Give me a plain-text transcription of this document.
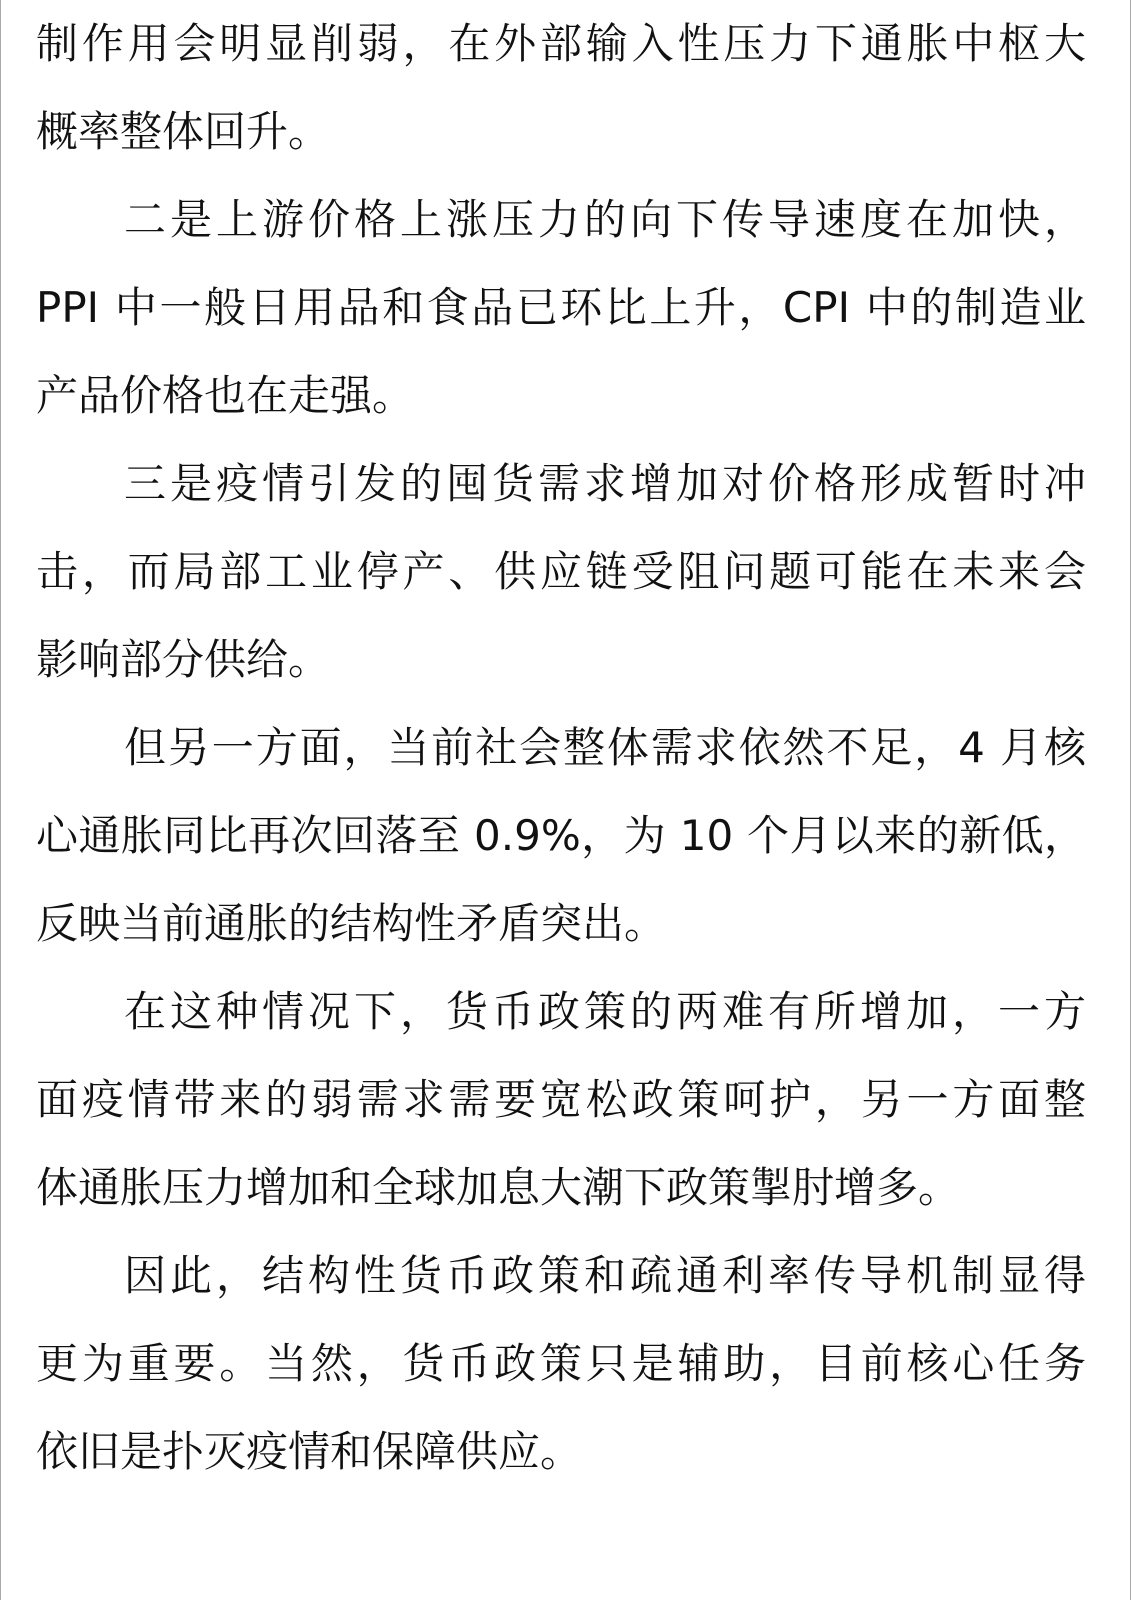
制作用会明显削弱，在外部输入性压力下通胀中枢大
概率整体回升。
二是上游价格上涨压力的向下传导速度在加快，
PPI 中一般日用品和食品已环比上升，CPI 中的制造业
产品价格也在走强。
三是疫情引发的囤货需求增加对价格形成暂时冲
击，而局部工业停产、供应链受阻问题可能在未来会
影响部分供给。
但另一方面，当前社会整体需求依然不足，4 月核
心通胀同比再次回落至 0.9%，为 10 个月以来的新低，
反映当前通胀的结构性矛盾突出。
在这种情况下，货币政策的两难有所增加，一方
面疫情带来的弱需求需要宽松政策呵护，另一方面整
体通胀压力增加和全球加息大潮下政策掣肘增多。
因此，结构性货币政策和疏通利率传导机制显得
更为重要。当然，货币政策只是辅助，目前核心任务
依旧是扑灭疫情和保障供应。
